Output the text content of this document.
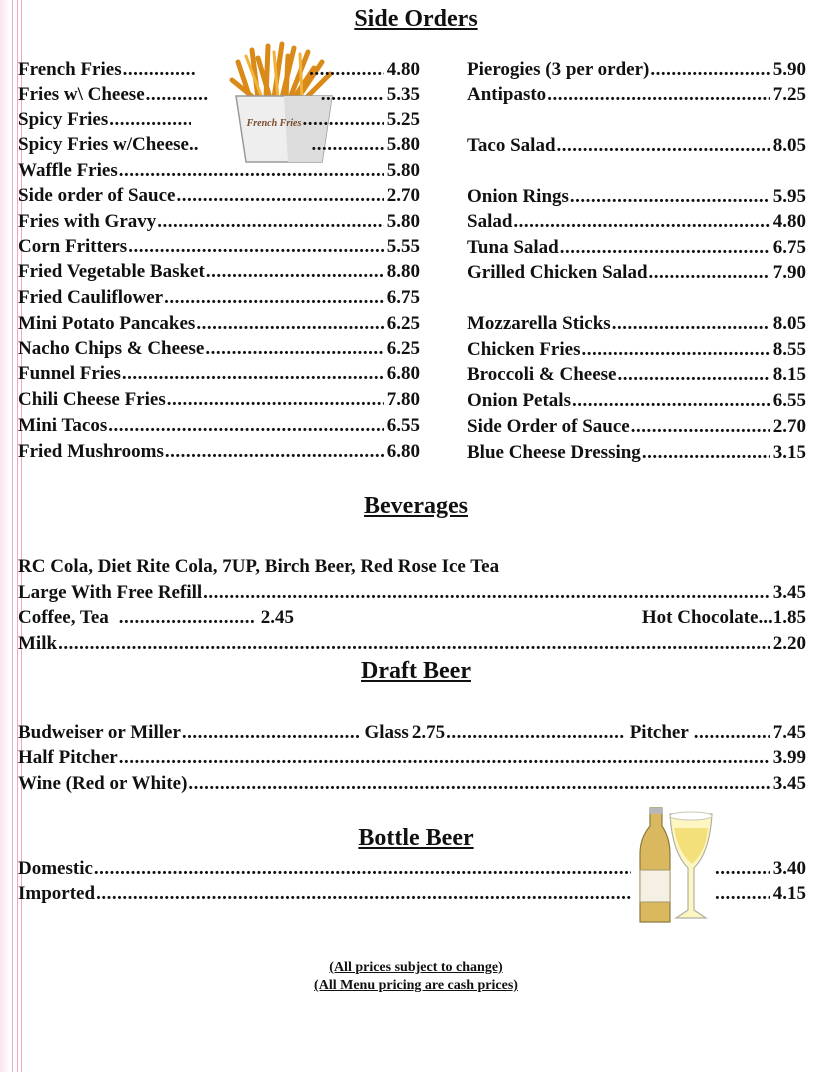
Side Orders
French Fries
French Fries ..... .....	4.80
Fries w\ Cheese ..... .....	5.35
Spicy Fries ..... .....	5.25
Spicy Fries w/Cheese.. .....	5.80
Waffle Fries .....	5.80
Side order of Sauce .....	2.70
Fries with Gravy .....	5.80
Corn Fritters .....	5.55
Fried Vegetable Basket .....	8.80
Fried Cauliflower .....	6.75
Mini Potato Pancakes .....	6.25
Nacho Chips & Cheese .....	6.25
Funnel Fries .....	6.80
Chili Cheese Fries .....	7.80
Mini Tacos .....	6.55
Fried Mushrooms .....	6.80
Pierogies (3 per order) .....	5.90
Antipasto .....	7.25
Taco Salad .....	8.05
Onion Rings .....	5.95
Salad .....	4.80
Tuna Salad .....	6.75
Grilled Chicken Salad .....	7.90
Mozzarella Sticks .....	8.05
Chicken Fries .....	8.55
Broccoli & Cheese .....	8.15
Onion Petals .....	6.55
Side Order of Sauce .....	2.70
Blue Cheese Dressing .....	3.15
Beverages
RC Cola, Diet Rite Cola, 7UP, Birch Beer, Red Rose Ice Tea
Large With Free Refill .....	3.45
Coffee, Tea .....	2.45	Hot Chocolate...1.85
Milk .....	2.20
Draft Beer
Budweiser or Miller .....	Glass 2.75 .....	Pitcher .....	7.45
Half Pitcher .....	3.99
Wine (Red or White) .....	3.45
Bottle Beer
Domestic ..... .....	3.40
Imported ..... .....	4.15
(All prices subject to change)
(All Menu pricing are cash prices)
